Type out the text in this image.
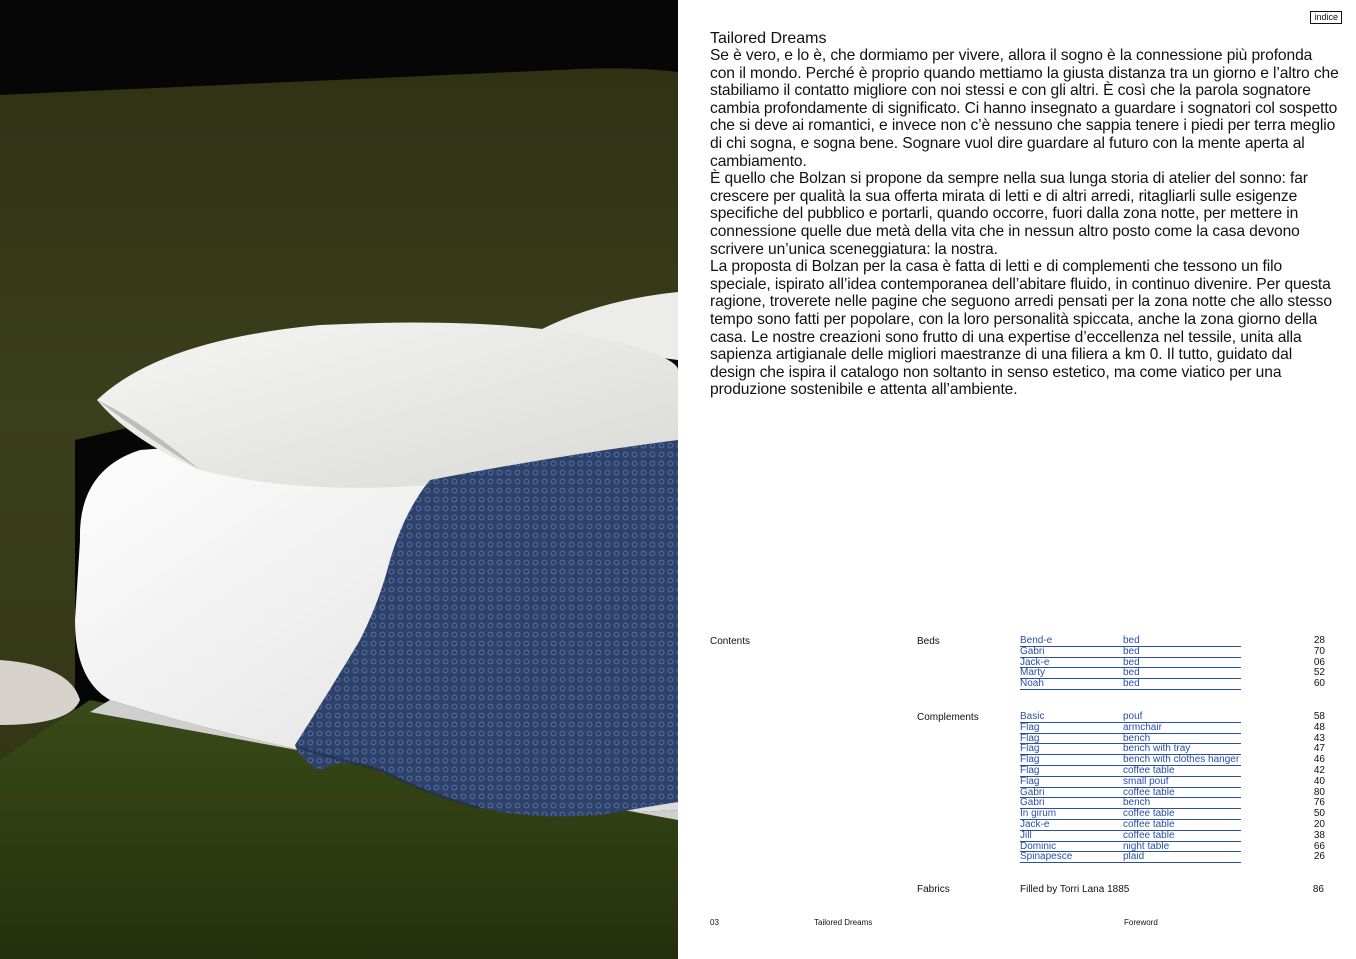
indice
Tailored Dreams

Se è vero, e lo è, che dormiamo per vivere, allora il sogno è la connessione più profonda con il mondo. Perché è proprio quando mettiamo la giusta distanza tra un giorno e l’altro che stabiliamo il contatto migliore con noi stessi e con gli altri. È così che la parola sognatore cambia profondamente di significato. Ci hanno insegnato a guardare i sognatori col sospetto che si deve ai romantici, e invece non c’è nessuno che sappia tenere i piedi per terra meglio di chi sogna, e sogna bene. Sognare vuol dire guardare al futuro con la mente aperta al cambiamento.

È quello che Bolzan si propone da sempre nella sua lunga storia di atelier del sonno: far crescere per qualità la sua offerta mirata di letti e di altri arredi, ritagliarli sulle esigenze specifiche del pubblico e portarli, quando occorre, fuori dalla zona notte, per mettere in connessione quelle due metà della vita che in nessun altro posto come la casa devono scrivere un’unica sceneggiatura: la nostra.

La proposta di Bolzan per la casa è fatta di letti e di complementi che tessono un filo speciale, ispirato all’idea contemporanea dell’abitare fluido, in continuo divenire. Per questa ragione, troverete nelle pagine che seguono arredi pensati per la zona notte che allo stesso tempo sono fatti per popolare, con la loro personalità spiccata, anche la zona giorno della casa. Le nostre creazioni sono frutto di una expertise d’eccellenza nel tessile, unita alla sapienza artigianale delle migliori maestranze di una filiera a km 0. Il tutto, guidato dal design che ispira il catalogo non soltanto in senso estetico, ma come viatico per una produzione sostenibile e attenta all’ambiente.

Contents	Beds	Bend-e	bed	28
Gabri	bed	70
Jack-e	bed	06
Marty	bed	52
Noah	bed	60
Complements	Basic	pouf	58
Flag	armchair	48
Flag	bench	43
Flag	bench with tray	47
Flag	bench with clothes hanger	46
Flag	coffee table	42
Flag	small pouf	40
Gabri	coffee table	80
Gabri	bench	76
In girum	coffee table	50
Jack-e	coffee table	20
Jill	coffee table	38
Dominic	night table	66
Spinapesce	plaid	26
Fabrics	Filled by Torri Lana 1885	86
03	Tailored Dreams	Foreword
